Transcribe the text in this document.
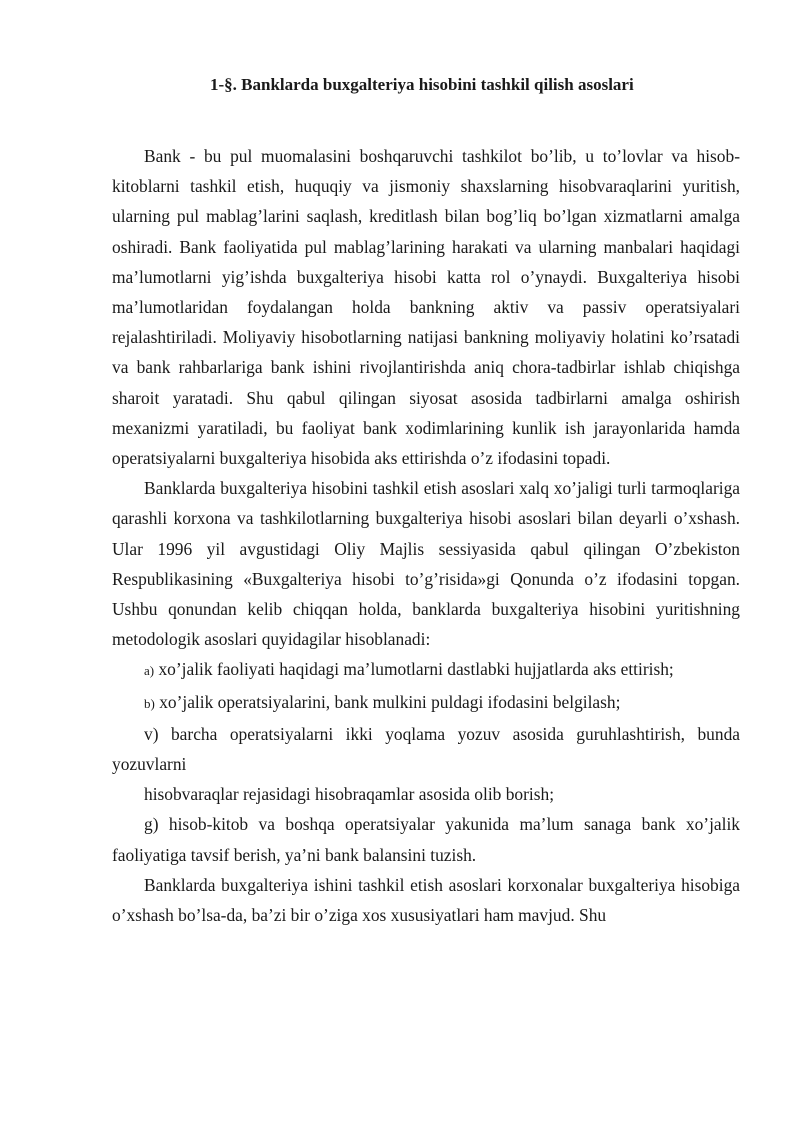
1-§. Banklarda buxgalteriya hisobini tashkil qilish asoslari

Bank - bu pul muomalasini boshqaruvchi tashkilot bo’lib, u to’lovlar va hisob-kitoblarni tashkil etish, huquqiy va jismoniy shaxslarning hisobvaraqlarini yuritish, ularning pul mablag’larini saqlash, kreditlash bilan bog’liq bo’lgan xizmatlarni amalga oshiradi. Bank faoliyatida pul mablag’larining harakati va ularning manbalari haqidagi ma’lumotlarni yig’ishda buxgalteriya hisobi katta rol o’ynaydi. Buxgalteriya hisobi ma’lumotlaridan foydalangan holda bankning aktiv va passiv operatsiyalari rejalashtiriladi. Moliyaviy hisobotlarning natijasi bankning moliyaviy holatini ko’rsatadi va bank rahbarlariga bank ishini rivojlantirishda aniq chora-tadbirlar ishlab chiqishga sharoit yaratadi. Shu qabul qilingan siyosat asosida tadbirlarni amalga oshirish mexanizmi yaratiladi, bu faoliyat bank xodimlarining kunlik ish jarayonlarida hamda operatsiyalarni buxgalteriya hisobida aks ettirishda o’z ifodasini topadi.

Banklarda buxgalteriya hisobini tashkil etish asoslari xalq xo’jaligi turli tarmoqlariga qarashli korxona va tashkilotlarning buxgalteriya hisobi asoslari bilan deyarli o’xshash. Ular 1996 yil avgustidagi Oliy Majlis sessiyasida qabul qilingan O’zbekiston Respublikasining «Buxgalteriya hisobi to’g’risida»gi Qonunda o’z ifodasini topgan. Ushbu qonundan kelib chiqqan holda, banklarda buxgalteriya hisobini yuritishning metodologik asoslari quyidagilar hisoblanadi:

a) xo’jalik faoliyati haqidagi ma’lumotlarni dastlabki hujjatlarda aks ettirish;

b) xo’jalik operatsiyalarini, bank mulkini puldagi ifodasini belgilash;

v) barcha operatsiyalarni ikki yoqlama yozuv asosida guruhlashtirish, bunda yozuvlarni

hisobvaraqlar rejasidagi hisobraqamlar asosida olib borish;

g) hisob-kitob va boshqa operatsiyalar yakunida ma’lum sanaga bank xo’jalik faoliyatiga tavsif berish, ya’ni bank balansini tuzish.

Banklarda buxgalteriya ishini tashkil etish asoslari korxonalar buxgalteriya hisobiga o’xshash bo’lsa-da, ba’zi bir o’ziga xos xususiyatlari ham mavjud. Shu
